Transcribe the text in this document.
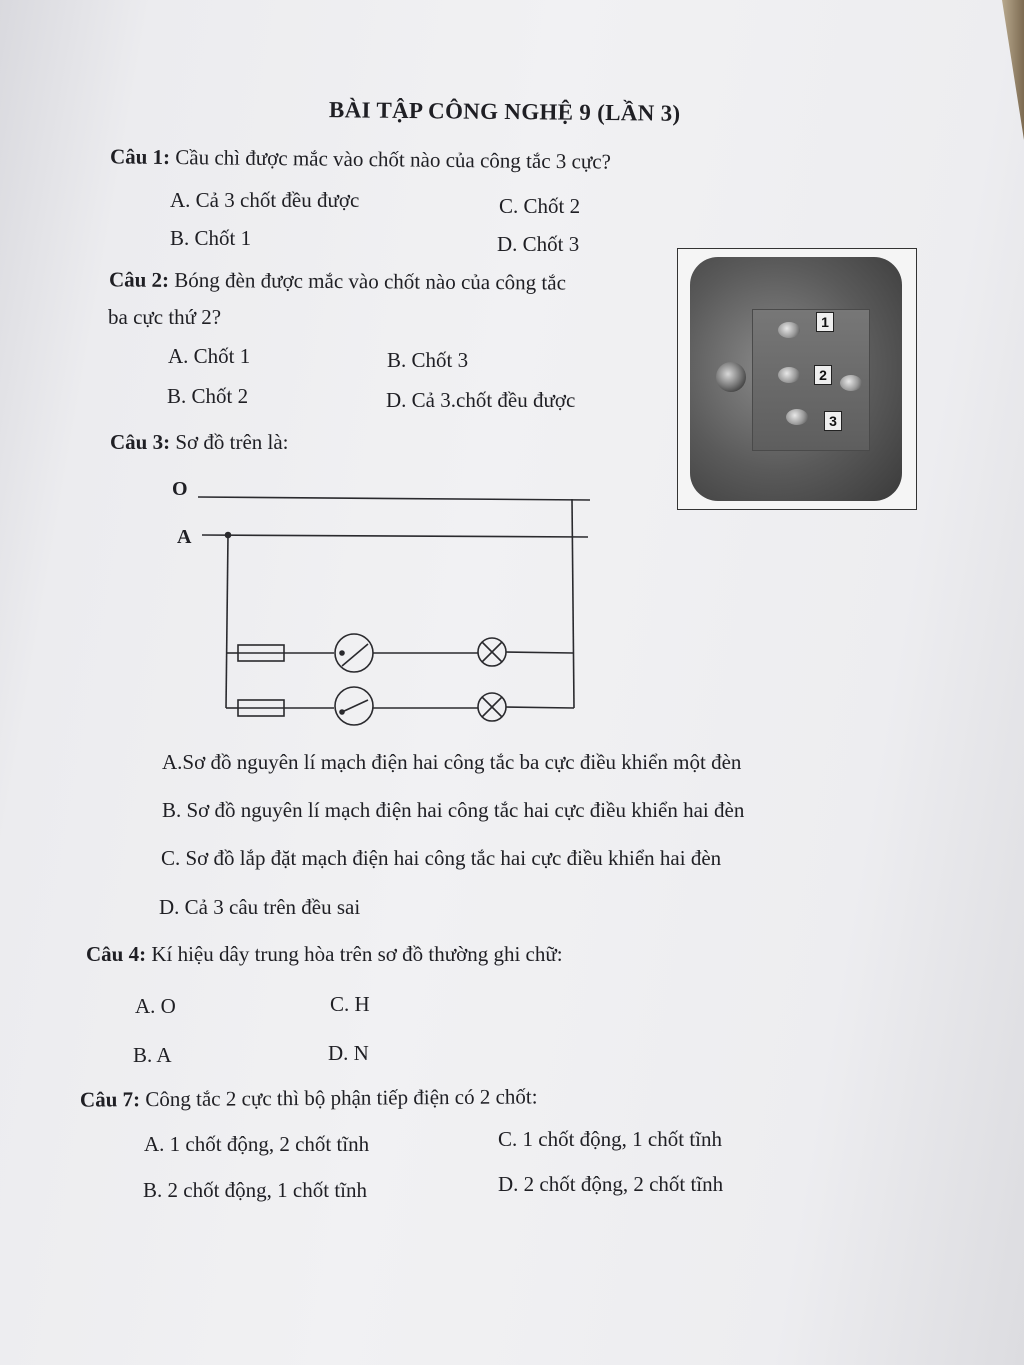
BÀI TẬP CÔNG NGHỆ 9 (LẦN 3)
Câu 1: Cầu chì được mắc vào chốt nào của công tắc 3 cực?
A. Cả 3 chốt đều được	C. Chốt 2
B. Chốt 1	D. Chốt 3
Câu 2: Bóng đèn được mắc vào chốt nào của công tắc
ba cực thứ 2?
A. Chốt 1	B. Chốt 3
B. Chốt 2	D. Cả 3.chốt đều được
1
2
3
Câu 3: Sơ đồ trên là:
O
A
A.Sơ đồ nguyên lí mạch điện hai công tắc ba cực điều khiển một đèn
B. Sơ đồ nguyên lí mạch điện hai công tắc hai cực điều khiển hai đèn
C. Sơ đồ lắp đặt mạch điện hai công tắc hai cực điều khiển hai đèn
D. Cả 3 câu trên đều sai
Câu 4: Kí hiệu dây trung hòa trên sơ đồ thường ghi chữ:
A. O	C. H
B. A	D. N
Câu 7: Công tắc 2 cực thì bộ phận tiếp điện có 2 chốt:
A. 1 chốt động, 2 chốt tĩnh	C. 1 chốt động, 1 chốt tĩnh
B. 2 chốt động, 1 chốt tĩnh	D. 2 chốt động, 2 chốt tĩnh
